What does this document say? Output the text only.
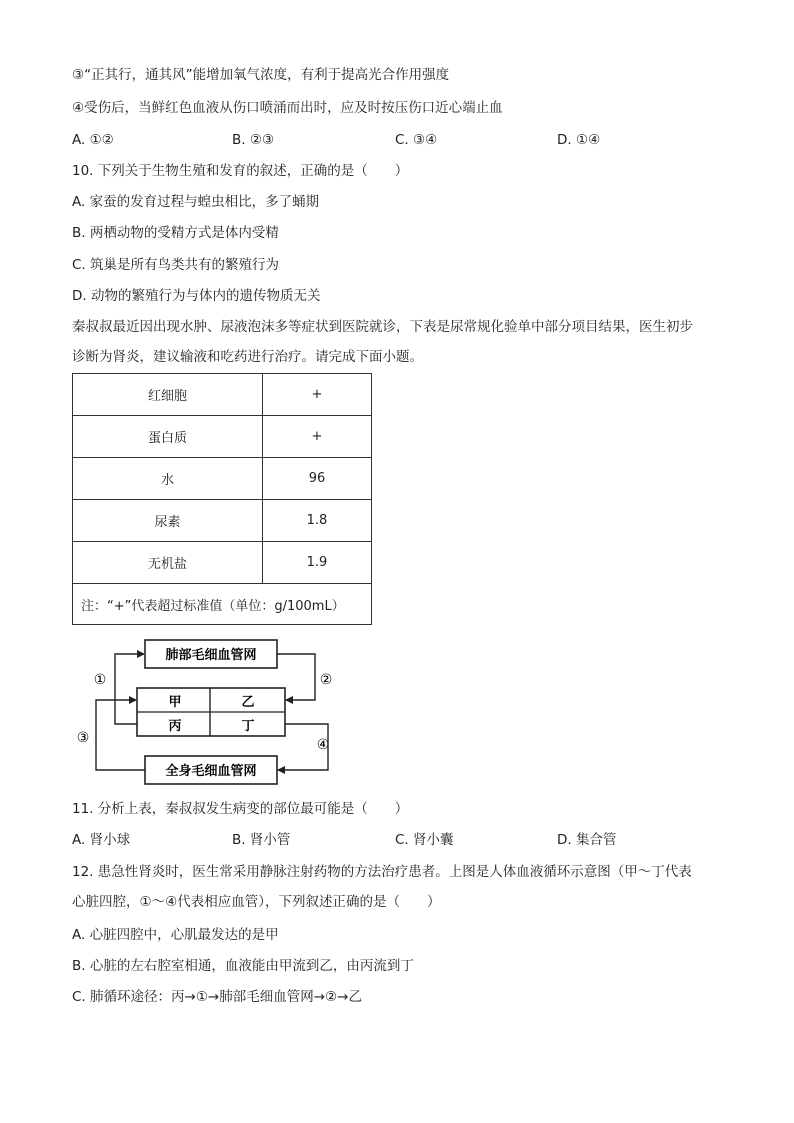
③“正其行，通其风”能增加氧气浓度，有利于提高光合作用强度
④受伤后，当鲜红色血液从伤口喷涌而出时，应及时按压伤口近心端止血
A. ①②	B. ②③	C. ③④	D. ①④
10. 下列关于生物生殖和发育的叙述，正确的是（　　）
A. 家蚕的发育过程与蝗虫相比，多了蛹期
B. 两栖动物的受精方式是体内受精
C. 筑巢是所有鸟类共有的繁殖行为
D. 动物的繁殖行为与体内的遗传物质无关
秦叔叔最近因出现水肿、尿液泡沫多等症状到医院就诊，下表是尿常规化验单中部分项目结果，医生初步
诊断为肾炎，建议输液和吃药进行治疗。请完成下面小题。
红细胞	+
蛋白质	+
水	96
尿素	1.8
无机盐	1.9
注：“+”代表超过标准值（单位：g/100mL）	
肺部毛细血管网
甲	乙
丙	丁
全身毛细血管网
①	②
③	④
11. 分析上表，秦叔叔发生病变的部位最可能是（　　）
A. 肾小球	B. 肾小管	C. 肾小囊	D. 集合管
12. 患急性肾炎时，医生常采用静脉注射药物的方法治疗患者。上图是人体血液循环示意图（甲～丁代表
心脏四腔，①～④代表相应血管），下列叙述正确的是（　　）
A. 心脏四腔中，心肌最发达的是甲
B. 心脏的左右腔室相通，血液能由甲流到乙，由丙流到丁
C. 肺循环途径：丙→①→肺部毛细血管网→②→乙
